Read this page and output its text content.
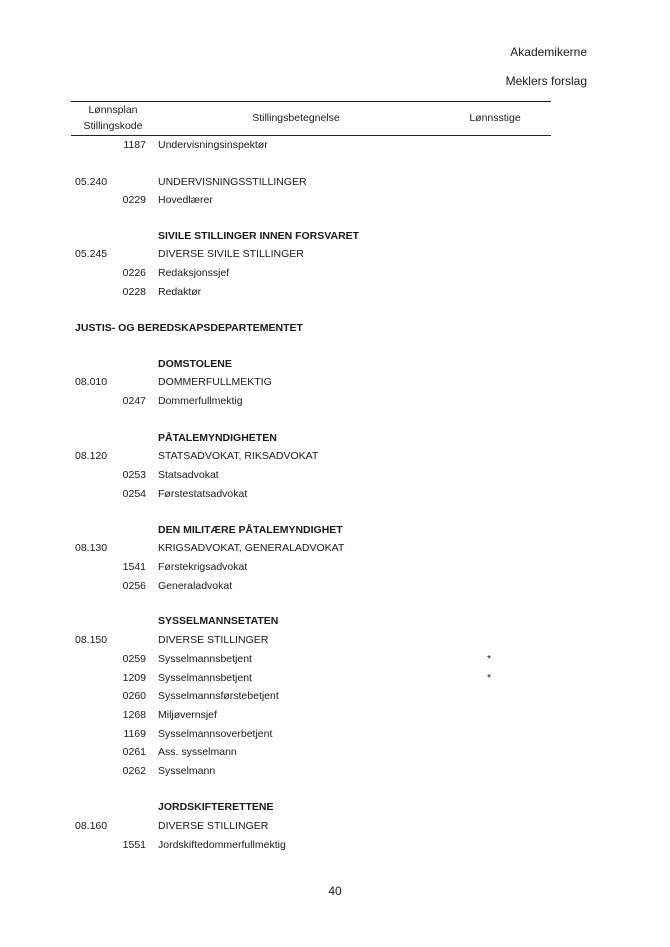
Akademikerne
Meklers forslag
Lønnsplan
Stillingskode
Stillingsbetegnelse	Lønnsstige
1187 Undervisningsinspektør
05.240	UNDERVISNINGSSTILLINGER
0229 Hovedlærer
SIVILE STILLINGER INNEN FORSVARET
05.245	DIVERSE SIVILE STILLINGER
0226 Redaksjonssjef
0228 Redaktør
JUSTIS- OG BEREDSKAPSDEPARTEMENTET
DOMSTOLENE
08.010	DOMMERFULLMEKTIG
0247 Dommerfullmektig
PÅTALEMYNDIGHETEN
08.120	STATSADVOKAT, RIKSADVOKAT
0253 Statsadvokat
0254 Førstestatsadvokat
DEN MILITÆRE PÅTALEMYNDIGHET
08.130	KRIGSADVOKAT, GENERALADVOKAT
1541 Førstekrigsadvokat
0256 Generaladvokat
SYSSELMANNSETATEN
08.150	DIVERSE STILLINGER
0259 Sysselmannsbetjent	*
1209 Sysselmannsbetjent	*
0260 Sysselmannsførstebetjent
1268 Miljøvernsjef
1169 Sysselmannsoverbetjent
0261 Ass. sysselmann
0262 Sysselmann
JORDSKIFTERETTENE
08.160	DIVERSE STILLINGER
1551 Jordskiftedommerfullmektig
40
